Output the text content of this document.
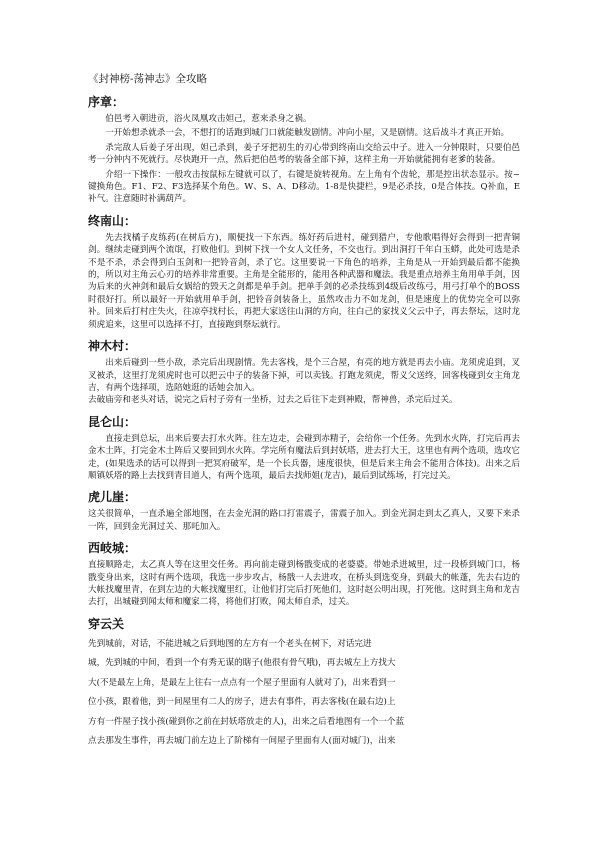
《封神榜-荡神志》全攻略
序章：

伯邑考入朝进贡，浴火凤凰攻击妲己，惹来杀身之祸。

一开始想杀就杀一会，不想打的话跑到城门口就能触发剧情。冲向小屋，又是剧情。这后战斗才真正开始。

杀完敌人后姜子牙出现，妲己杀到，姜子牙把初生的刃心带到终南山交给云中子。进入一分钟限时，只要伯邑考一分钟内不死就行。尽快跑开一点，然后把伯邑考的装备全部下掉，这样主角一开始就能拥有老爹的装备。

介绍一下操作：一般攻击按鼠标左键就可以了，右键是旋转视角。左上角有个齿轮，那是控出状态显示。按~键换角色。F1、F2、F3选择某个角色。W、S、A、D移动。1-8是快捷栏，9是必杀技，0是合体技。Q补血，E补气。注意随时补满葫芦。

终南山：

先去找橘子皮练药(在树后方)，顺便找一下东西。练好药后进村，碰到猎户，专他歌唱得好会得到一把青铜剑。继续走碰到两个流氓，打败他们。到树下找一个女人文任务，不交也行。到出洞打千年白玉蟒，此处可选是杀不是不杀，杀会得到白玉剑和一把铃音剑，杀了它。这里要说一下角色的培养，主角是从一开始到最后都不能换的，所以对主角云心刃的培养非常重要。主角是全能形的，能用各种武器和魔法。我是重点培养主角用单手剑，因为后来的火神剑和最后女娲给的毁天之剑都是单手剑。把单手剑的必杀技练到4级后改练弓，用弓打单个的BOSS时很好打。所以最好一开始就用单手剑，把铃音剑装备上，虽然攻击力不如龙剑，但是速度上的优势完全可以弥补。回来后打村庄失火，往凉亭找村长，再把大家送往山洞的方向，往白己的家找义父云中子，再去祭坛，这时龙须虎追来，这里可以选择不打，直接跑到祭坛就行。

神木村：

出来后碰到一些小敌，杀完后出现剧情。先去客栈，是个三合屋，有亮的地方就是再去小庙。龙须虎追到，叉叉被杀，这里打龙须虎时也可以把云中子的装备下掉，可以卖钱。打跑龙须虎，帮义父送终，回客栈碰到女主角龙吉，有两个选择项，选陪她逛的话她会加入。

去破庙旁和老头对话，说完之后村子旁有一坐桥，过去之后往下走到神殿，帮神兽，杀完后过关。

昆仑山：

直接走到总坛，出来后要去打水火阵。往左边走，会碰到赤精子，会给你一个任务。先到水火阵，打完后再去金木土阵，打完金木土阵后又要回到水火阵。学完所有魔法后到封妖塔，进去打大王，这里也有两个选项，选攻它走，(如果选杀的话可以得到一把冥府破军，是一个长兵器，速度很快，但是后来主角会不能用合体技)。出来之后顺镇妖塔的路上去找到青目道人，有两个选项，最后去找师姐(龙吉)，最后到试练场，打完过关。

虎儿崖：

这关很简单，一直杀遍全部地图，在去金光洞的路口打雷震子，雷震子加入。到金光洞走到太乙真人，又要下来杀一阵，回到金光洞过关、那吒加入。

西岐城：

直接顺路走，太乙真人等在这里交任务。再向前走碰到杨戬变成的老婆婆。带她杀进城里，过一段桥到城门口，杨戬变身出来，这时有两个选项，我选一步步攻占，杨戬一人去进攻，在桥头到选变身，到最大的帐蓬，先去右边的大帐找魔里青，在到左边的大帐找魔里红，让他们打完后打死他们，这时赵公明出现，打死他。这时到主角和龙吉去打，出城碰到闻太师和魔家二将，将他们打败，闻太师自杀，过关。

穿云关

先到城前，对话，不能进城之后到地图的左方有一个老头在树下，对话完进

城，先到城的中间，看到一个有秀无谋的瞎子(他很有骨气哦)，再去城左上方找大

大(不是最左上角，是最左上往右一点点有一个屋子里面有人就对了)，出来看到一

位小孩，跟着他，到一间屋里有二人的房子，进去有事件，再去客栈(在最右边)上

方有一件屋子找小孩(碰到你之前在封妖塔放走的人)，出来之后看地图有一个一个蓝

点去那发生事件，再去城门前左边上了阶梯有一间屋子里面有人(面对城门)，出来
